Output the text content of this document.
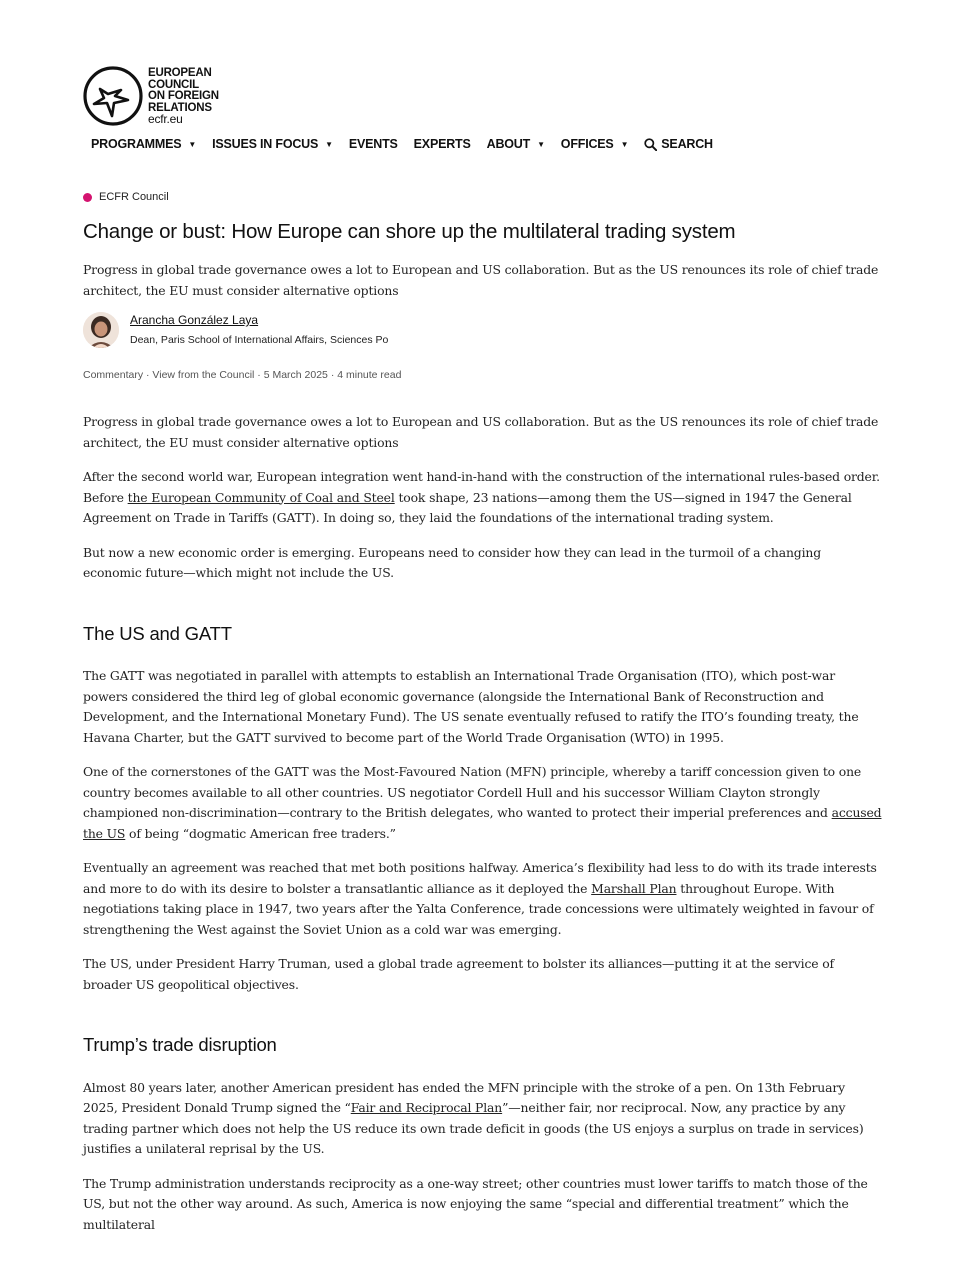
EUROPEAN
COUNCIL
ON FOREIGN
RELATIONS
ecfr.eu
PROGRAMMES ▼ ISSUES IN FOCUS ▼ EVENTS EXPERTS ABOUT ▼ OFFICES ▼	SEARCH
ECFR Council
Change or bust: How Europe can shore up the multilateral trading system

Progress in global trade governance owes a lot to European and US collaboration. But as the US renounces its role of chief trade architect, the EU must consider alternative options

Arancha González Laya
Dean, Paris School of International Affairs, Sciences Po
Commentary · View from the Council · 5 March 2025 · 4 minute read

Progress in global trade governance owes a lot to European and US collaboration. But as the US renounces its role of chief trade architect, the EU must consider alternative options

After the second world war, European integration went hand-in-hand with the construction of the international rules-based order. Before the European Community of Coal and Steel took shape, 23 nations—among them the US—signed in 1947 the General Agreement on Trade in Tariffs (GATT). In doing so, they laid the foundations of the international trading system.

But now a new economic order is emerging. Europeans need to consider how they can lead in the turmoil of a changing economic future—which might not include the US.

The US and GATT

The GATT was negotiated in parallel with attempts to establish an International Trade Organisation (ITO), which post-war powers considered the third leg of global economic governance (alongside the International Bank of Reconstruction and Development, and the International Monetary Fund). The US senate eventually refused to ratify the ITO’s founding treaty, the Havana Charter, but the GATT survived to become part of the World Trade Organisation (WTO) in 1995.

One of the cornerstones of the GATT was the Most-Favoured Nation (MFN) principle, whereby a tariff concession given to one country becomes available to all other countries. US negotiator Cordell Hull and his successor William Clayton strongly championed non-discrimination—contrary to the British delegates, who wanted to protect their imperial preferences and accused the US of being “dogmatic American free traders.”

Eventually an agreement was reached that met both positions halfway. America’s flexibility had less to do with its trade interests and more to do with its desire to bolster a transatlantic alliance as it deployed the Marshall Plan throughout Europe. With negotiations taking place in 1947, two years after the Yalta Conference, trade concessions were ultimately weighted in favour of strengthening the West against the Soviet Union as a cold war was emerging.

The US, under President Harry Truman, used a global trade agreement to bolster its alliances—putting it at the service of broader US geopolitical objectives.

Trump’s trade disruption

Almost 80 years later, another American president has ended the MFN principle with the stroke of a pen. On 13th February 2025, President Donald Trump signed the “Fair and Reciprocal Plan”—neither fair, nor reciprocal. Now, any practice by any trading partner which does not help the US reduce its own trade deficit in goods (the US enjoys a surplus on trade in services) justifies a unilateral reprisal by the US.

The Trump administration understands reciprocity as a one-way street; other countries must lower tariffs to match those of the US, but not the other way around. As such, America is now enjoying the same “special and differential treatment” which the multilateral
